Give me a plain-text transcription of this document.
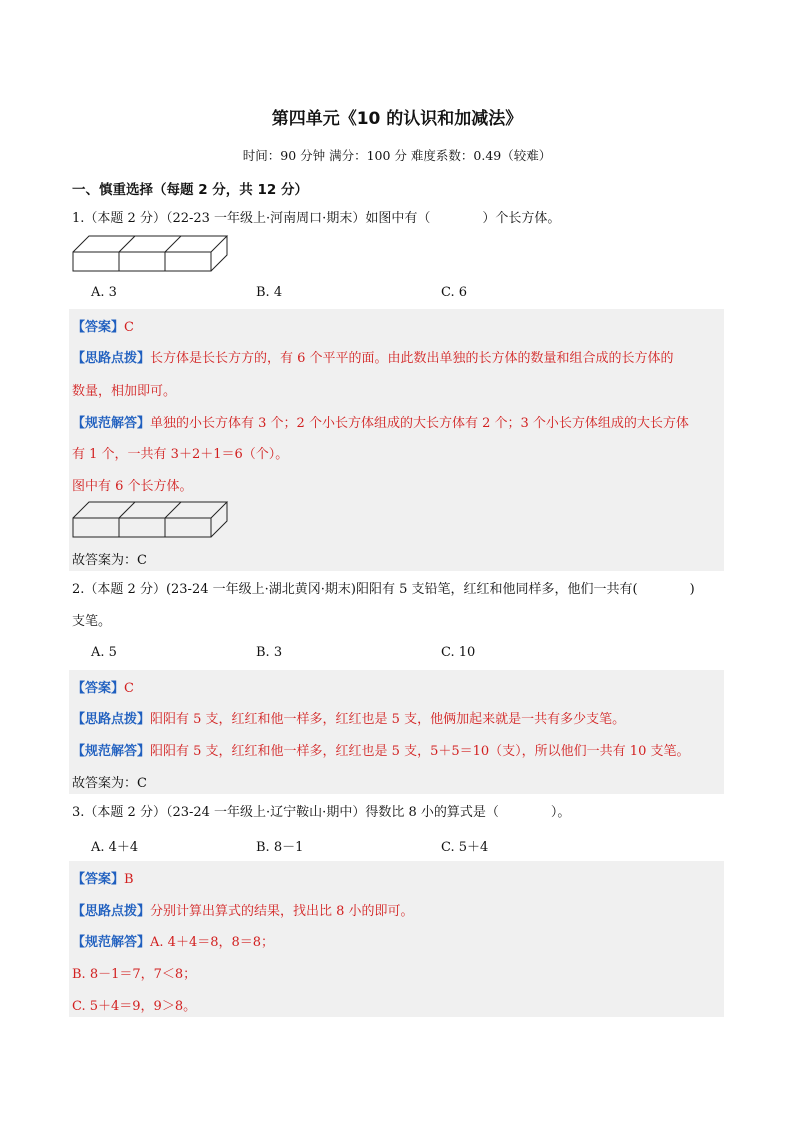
第四单元《10 的认识和加减法》
时间：90 分钟 满分：100 分 难度系数：0.49（较难）
一、慎重选择（每题 2 分，共 12 分）
1.（本题 2 分）（22-23 一年级上·河南周口·期末）如图中有（　　　　）个长方体。
A. 3	B. 4	C. 6
【答案】C
【思路点拨】长方体是长长方方的，有 6 个平平的面。由此数出单独的长方体的数量和组合成的长方体的
数量，相加即可。
【规范解答】单独的小长方体有 3 个；2 个小长方体组成的大长方体有 2 个；3 个小长方体组成的大长方体
有 1 个，一共有 3＋2＋1＝6（个）。
图中有 6 个长方体。
故答案为：C
2.（本题 2 分）(23-24 一年级上·湖北黄冈·期末)阳阳有 5 支铅笔，红红和他同样多，他们一共有(　　　　)
支笔。
A. 5	B. 3	C. 10
【答案】C
【思路点拨】阳阳有 5 支，红红和他一样多，红红也是 5 支，他俩加起来就是一共有多少支笔。
【规范解答】阳阳有 5 支，红红和他一样多，红红也是 5 支，5＋5＝10（支），所以他们一共有 10 支笔。
故答案为：C
3.（本题 2 分）（23-24 一年级上·辽宁鞍山·期中）得数比 8 小的算式是（　　　　）。
A. 4＋4	B. 8－1	C. 5＋4
【答案】B
【思路点拨】分别计算出算式的结果，找出比 8 小的即可。
【规范解答】A. 4＋4＝8，8＝8；
B. 8－1＝7，7＜8；
C. 5＋4＝9，9＞8。
